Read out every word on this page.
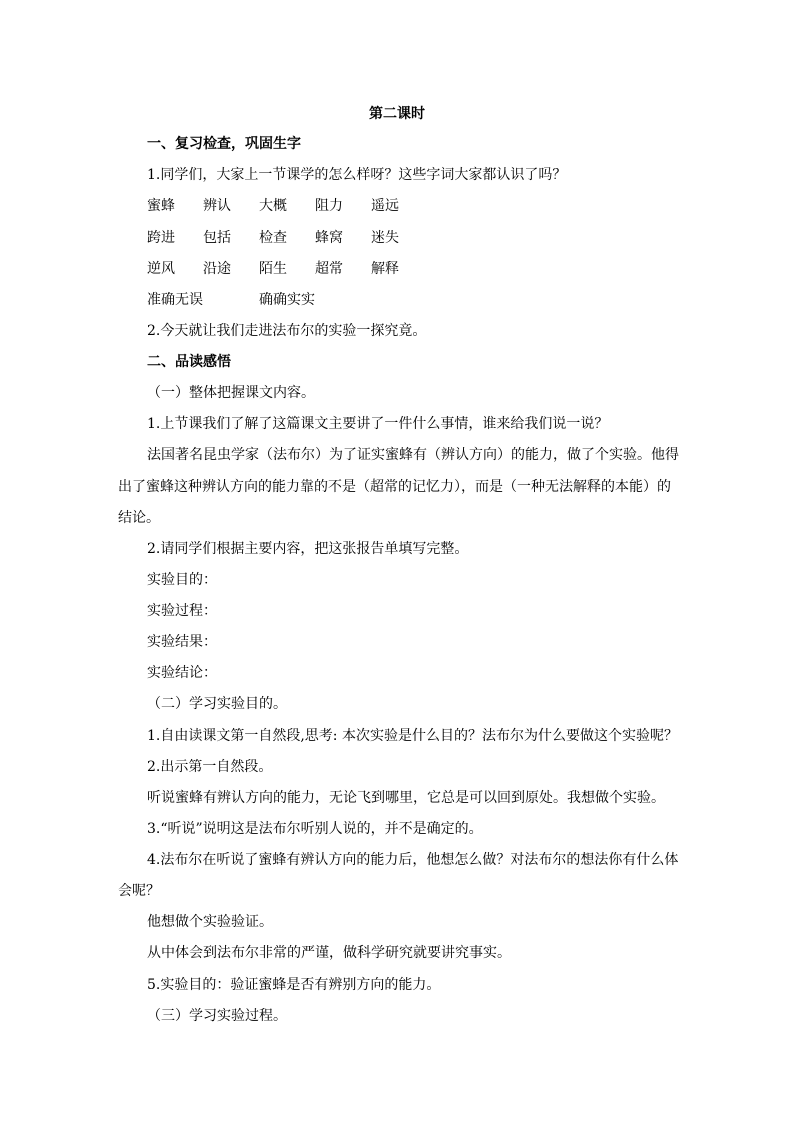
第二课时
一、复习检查，巩固生字
1.同学们，大家上一节课学的怎么样呀？这些字词大家都认识了吗？
蜜蜂 辨认 大概 阻力 遥远
跨进 包括 检查 蜂窝 迷失
逆风 沿途 陌生 超常 解释
准确无误	确确实实
2.今天就让我们走进法布尔的实验一探究竟。
二、品读感悟
（一）整体把握课文内容。
1.上节课我们了解了这篇课文主要讲了一件什么事情，谁来给我们说一说？
法国著名昆虫学家（法布尔）为了证实蜜蜂有（辨认方向）的能力，做了个实验。他得
出了蜜蜂这种辨认方向的能力靠的不是（超常的记忆力），而是（一种无法解释的本能）的
结论。
2.请同学们根据主要内容，把这张报告单填写完整。
实验目的：
实验过程：
实验结果：
实验结论：
（二）学习实验目的。
1.自由读课文第一自然段,思考: 本次实验是什么目的？法布尔为什么要做这个实验呢？
2.出示第一自然段。
听说蜜蜂有辨认方向的能力，无论飞到哪里，它总是可以回到原处。我想做个实验。
3.“听说”说明这是法布尔听别人说的，并不是确定的。
4.法布尔在听说了蜜蜂有辨认方向的能力后，他想怎么做？对法布尔的想法你有什么体
会呢？
他想做个实验验证。
从中体会到法布尔非常的严谨，做科学研究就要讲究事实。
5.实验目的：验证蜜蜂是否有辨别方向的能力。
（三）学习实验过程。
